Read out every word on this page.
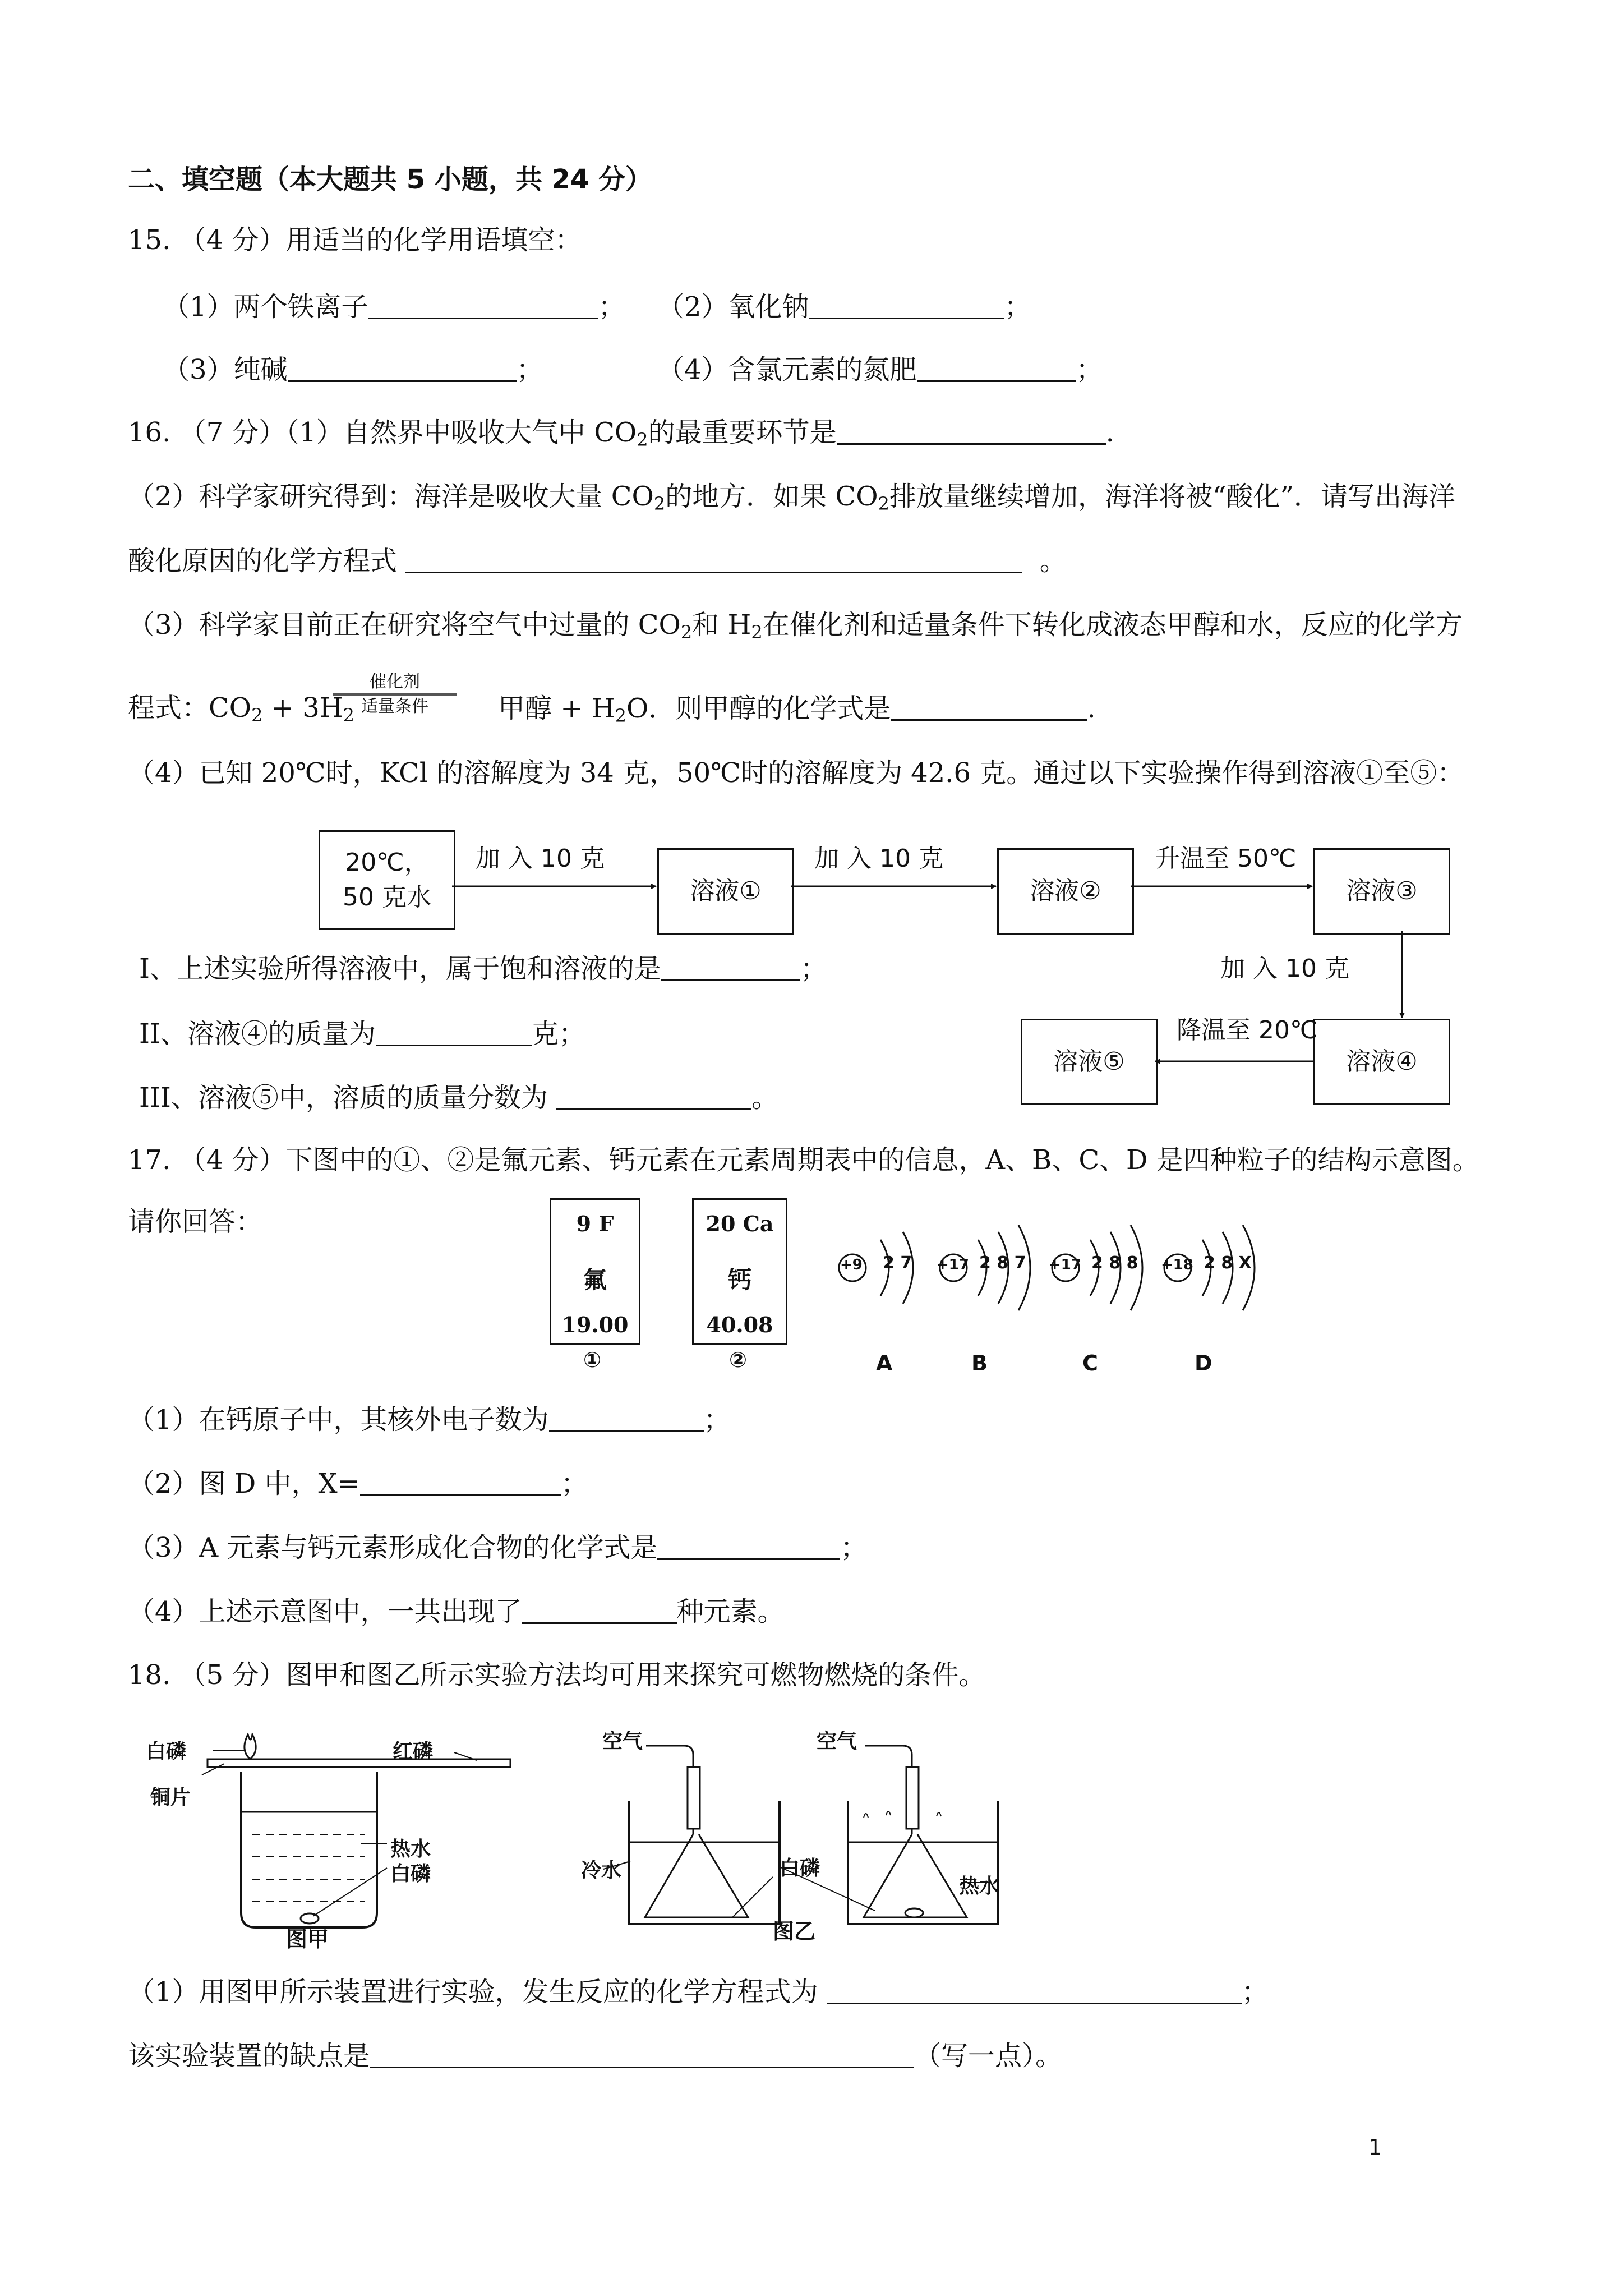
二、填空题（本大题共 5 小题，共 24 分）
15. （4 分）用适当的化学用语填空：
（1）两个铁离子	； （2）氧化钠	；
（3）纯碱	；	（4）含氯元素的氮肥	；
16. （7 分）（1）自然界中吸收大气中 $CO_2$的最重要环节是	.
（2）科学家研究得到：海洋是吸收大量 $CO_2$的地方．如果 $CO_2$排放量继续增加，海洋将被“酸化”．请写出海洋
酸化原因的化学方程式	。
（3）科学家目前正在研究将空气中过量的 $CO_2$和 $H_2$在催化剂和适量条件下转化成液态甲醇和水，反应的化学方
程式：$CO_2 + 3H_2$
催化剂
适量条件	甲醇 + $H_2O$．则甲醇的化学式是	.
（4）已知 20℃时，KCl 的溶解度为 34 克，50℃时的溶解度为 42.6 克。通过以下实验操作得到溶液①至⑤：
20℃，
50 克水
加 入 10 克
溶液①
加 入 10 克
溶液②
升温至 50℃
溶液③
加 入 10 克
溶液④
降温至 20℃
溶液⑤
I、上述实验所得溶液中，属于饱和溶液的是	；
II、溶液④的质量为	克；
III、溶液⑤中，溶质的质量分数为	。
17. （4 分）下图中的①、②是氟元素、钙元素在元素周期表中的信息，A、B、C、D 是四种粒子的结构示意图。
请你回答：	9 F
氟
19.00
①
20 Ca
钙
40.08
②
+9 2 7 +17 2 8 7 +17 2 8 8 +18 2 8 X
A	B	C	D
（1）在钙原子中，其核外电子数为	；
（2）图 D 中，X=	；
（3）A 元素与钙元素形成化合物的化学式是	；
（4）上述示意图中，一共出现了	种元素。
18. （5 分）图甲和图乙所示实验方法均可用来探究可燃物燃烧的条件。
白磷	红磷
铜片
热水
白磷
图甲
空气	空气
冷水	白磷
热水
图乙
（1）用图甲所示装置进行实验，发生反应的化学方程式为	；
该实验装置的缺点是	（写一点）。
1
